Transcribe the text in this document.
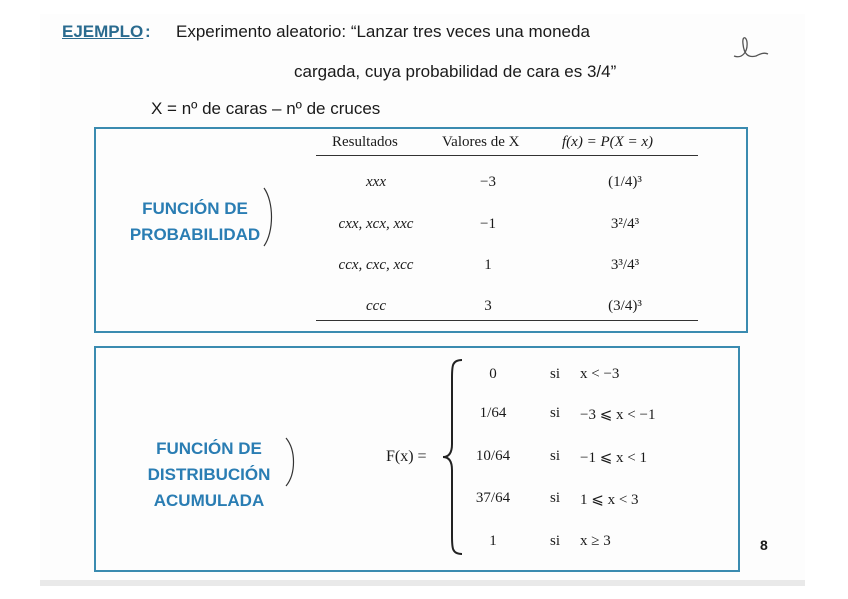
EJEMPLO : Experimento aleatorio: “Lanzar tres veces una moneda
cargada, cuya probabilidad de cara es 3/4”
X = nº de caras – nº de cruces
FUNCIÓN DE
PROBABILIDAD
Resultados	Valores de X	f(x) = P(X = x)
xxx	−3	(1/4)³
cxx, xcx, xxc	−1	3²/4³
ccx, cxc, xcc	1	3³/4³
ccc	3	(3/4)³
FUNCIÓN DE
DISTRIBUCIÓN
ACUMULADA
F(x) =
0	si x < −3
1/64	si −3 ⩽ x < −1
10/64	si −1 ⩽ x < 1
37/64	si 1 ⩽ x < 3
1	si x ≥ 3	8
